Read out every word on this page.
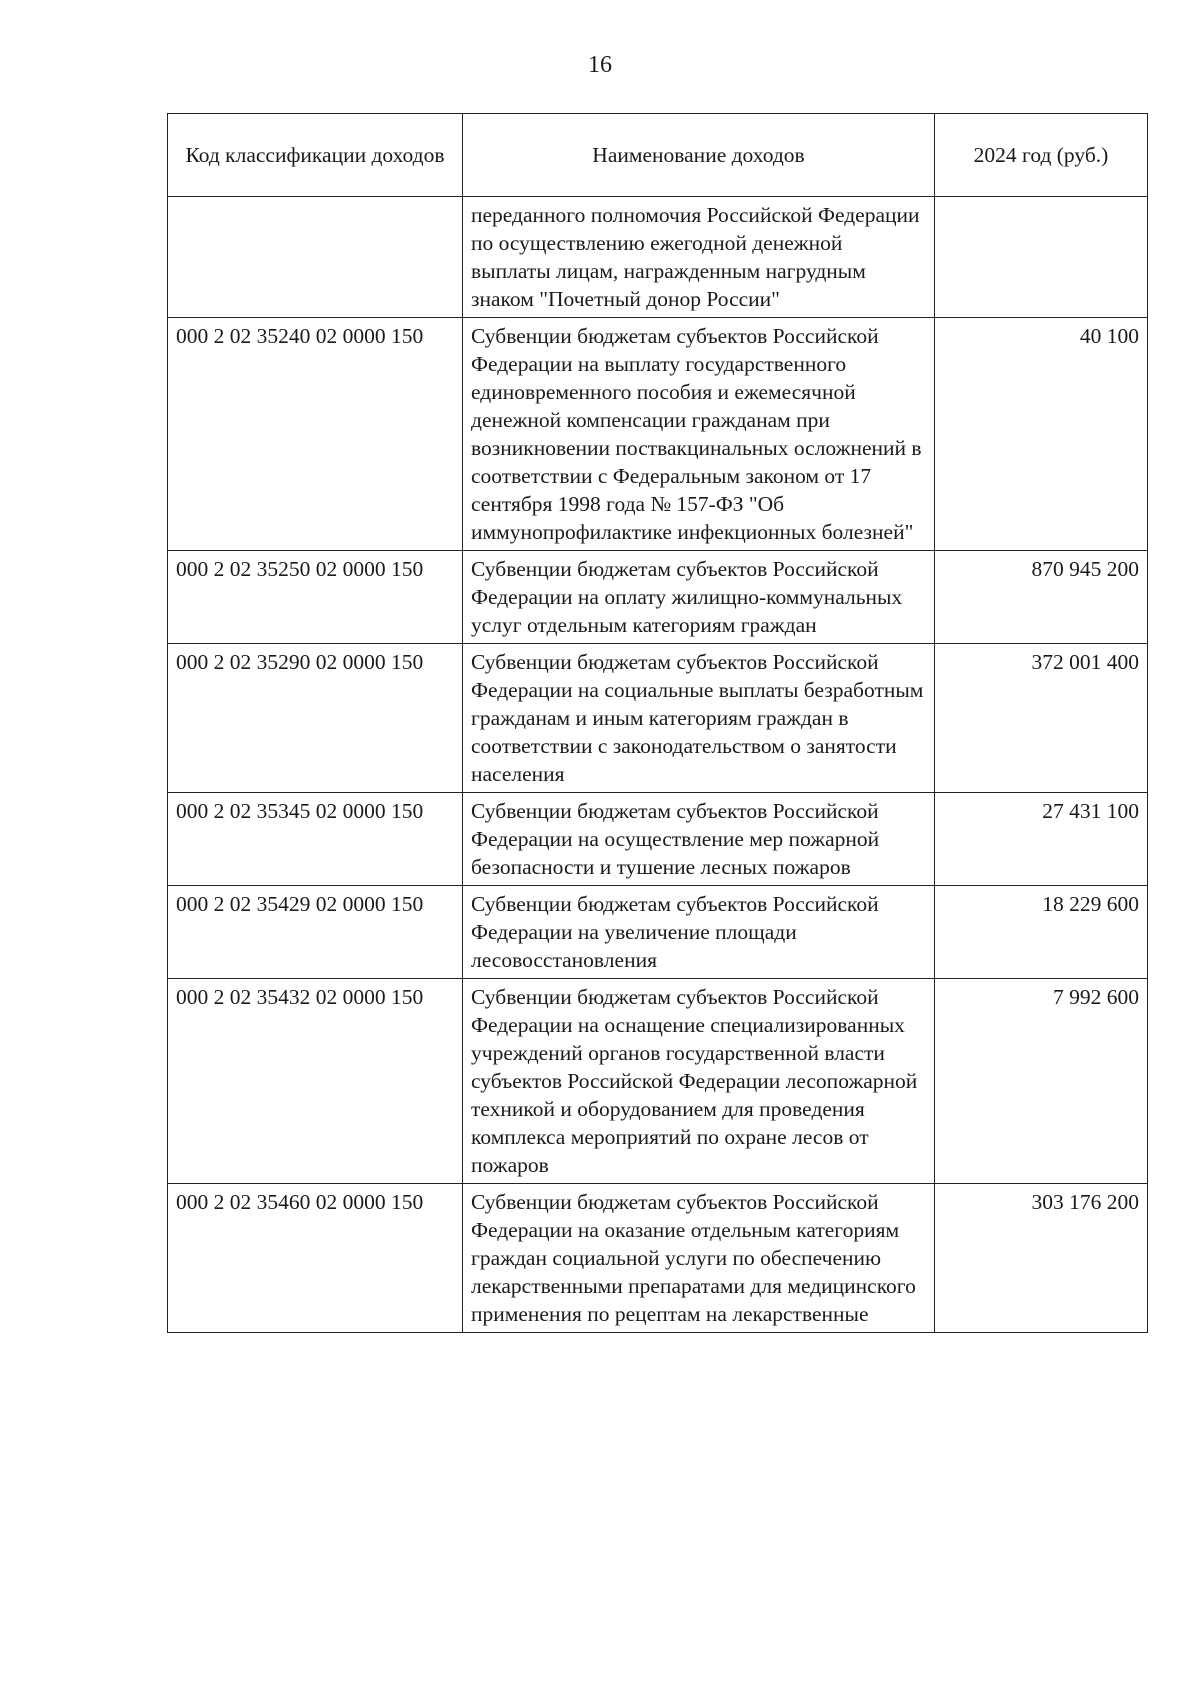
16
Код классификации доходов	Наименование доходов	2024 год (руб.)
	переданного полномочия Российской Федерации по осуществлению ежегодной денежной выплаты лицам, награжденным нагрудным знаком "Почетный донор России"	
000 2 02 35240 02 0000 150	Субвенции бюджетам субъектов Российской Федерации на выплату государственного единовременного пособия и ежемесячной денежной компенсации гражданам при возникновении поствакцинальных осложнений в соответствии с Федеральным законом от 17 сентября 1998 года № 157-ФЗ "Об иммунопрофилактике инфекционных болезней"	40 100
000 2 02 35250 02 0000 150	Субвенции бюджетам субъектов Российской Федерации на оплату жилищно-коммунальных услуг отдельным категориям граждан	870 945 200
000 2 02 35290 02 0000 150	Субвенции бюджетам субъектов Российской Федерации на социальные выплаты безработным гражданам и иным категориям граждан в соответствии с законодательством о занятости населения	372 001 400
000 2 02 35345 02 0000 150	Субвенции бюджетам субъектов Российской Федерации на осуществление мер пожарной безопасности и тушение лесных пожаров	27 431 100
000 2 02 35429 02 0000 150	Субвенции бюджетам субъектов Российской Федерации на увеличение площади лесовосстановления	18 229 600
000 2 02 35432 02 0000 150	Субвенции бюджетам субъектов Российской Федерации на оснащение специализированных учреждений органов государственной власти субъектов Российской Федерации лесопожарной техникой и оборудованием для проведения комплекса мероприятий по охране лесов от пожаров	7 992 600
000 2 02 35460 02 0000 150	Субвенции бюджетам субъектов Российской Федерации на оказание отдельным категориям граждан социальной услуги по обеспечению лекарственными препаратами для медицинского применения по рецептам на лекарственные	303 176 200
